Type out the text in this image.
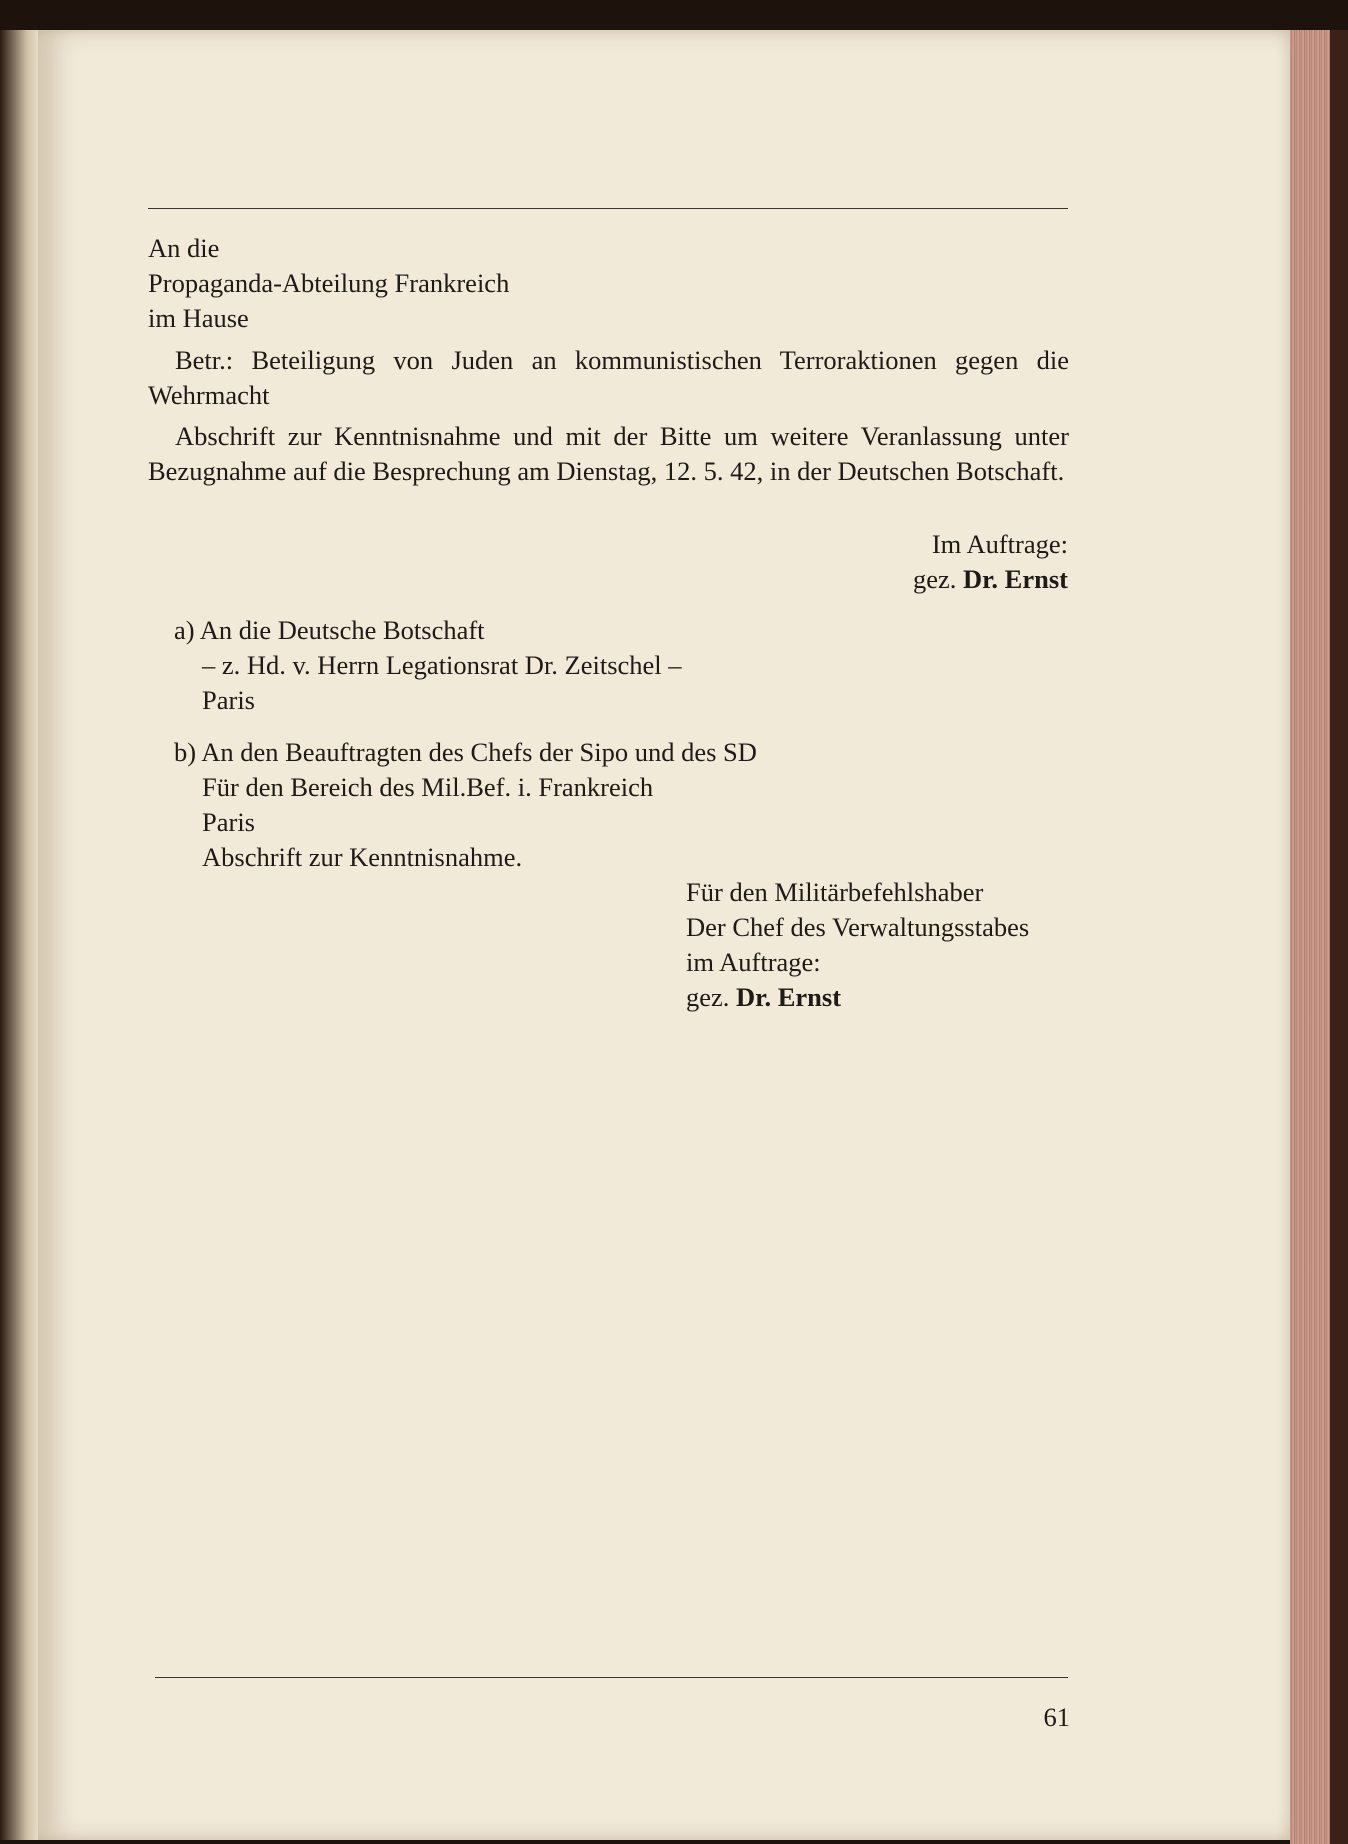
An die
Propaganda-Abteilung Frankreich
im Hause
Betr.: Beteiligung von Juden an kommunistischen Terroraktionen gegen die Wehrmacht
Abschrift zur Kenntnisnahme und mit der Bitte um weitere Veranlassung unter Bezugnahme auf die Besprechung am Dienstag, 12. 5. 42, in der Deutschen Botschaft.
Im Auftrage:
gez. Dr. Ernst
a) An die Deutsche Botschaft
– z. Hd. v. Herrn Legationsrat Dr. Zeitschel –
Paris
b) An den Beauftragten des Chefs der Sipo und des SD
Für den Bereich des Mil.Bef. i. Frankreich
Paris
Abschrift zur Kenntnisnahme.
Für den Militärbefehlshaber
Der Chef des Verwaltungsstabes
im Auftrage:
gez. Dr. Ernst
61
